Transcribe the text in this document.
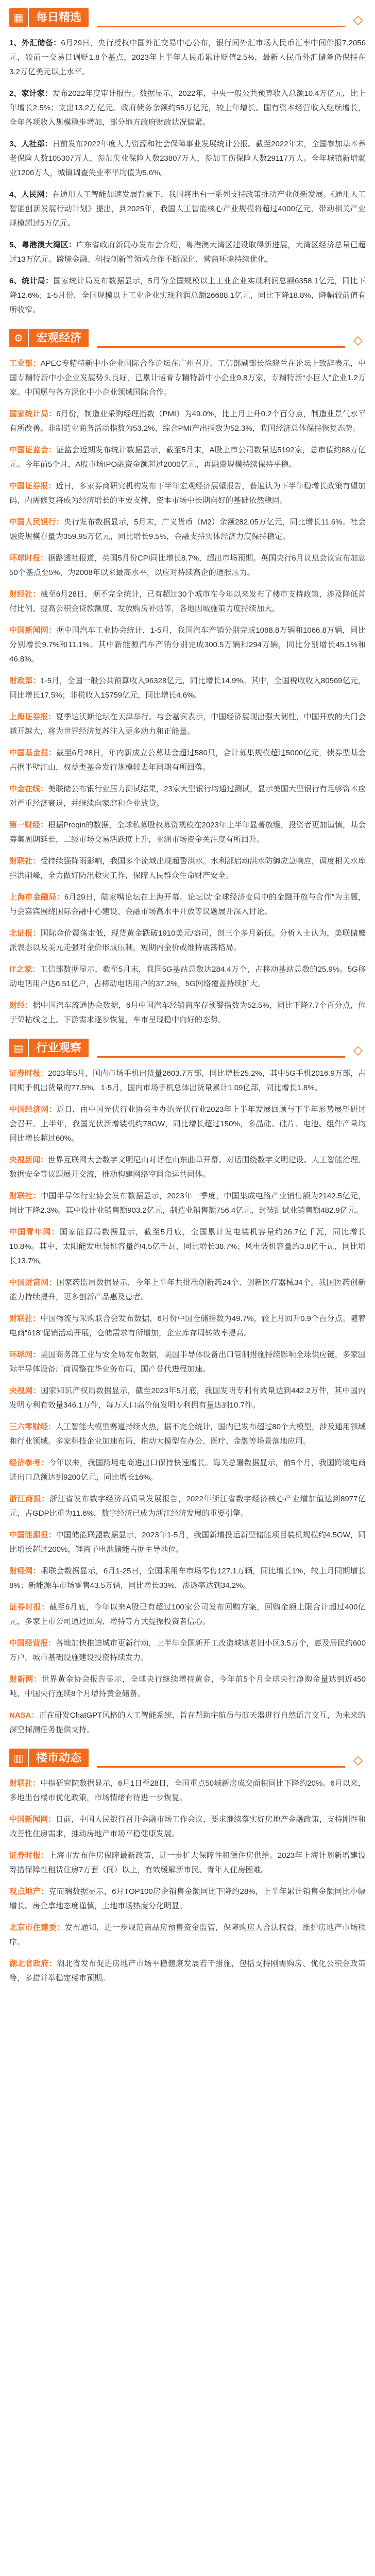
▦	每日精选	◇

1、外汇储备：6月29日，央行授权中国外汇交易中心公布，银行间外汇市场人民币汇率中间价报7.2056元，较前一交易日调贬1.8个基点，2023年上半年人民币累计贬值2.5%，最新人民币外汇储备仍保持在3.2万亿美元以上水平。

2、家计家：发布2022年度审计报告。数据显示，2022年，中央一般公共预算收入总额10.4万亿元，比上年增长2.5%；支出13.2万亿元。政府债务余额约55万亿元，较上年增长。国有资本经营收入继续增长，全年各项收入规模稳步增加，部分地方政府财政状况偏紧。

3、人社部：日前发布2022年度人力资源和社会保障事业发展统计公报。截至2022年末，全国参加基本养老保险人数105307万人，参加失业保险人数23807万人，参加工伤保险人数29117万人。全年城镇新增就业1206万人，城镇调查失业率平均值为5.6%。

4、人民网：在通用人工智能加速发展背景下，我国将出台一系列支持政策推动产业创新发展。《通用人工智能创新发展行动计划》提出，到2025年，我国人工智能核心产业规模将超过4000亿元，带动相关产业规模超过5万亿元。

5、粤港澳大湾区：广东省政府新闻办发布会介绍，粤港澳大湾区建设取得新进展，大湾区经济总量已超过13万亿元。跨境金融、科技创新等领域合作不断深化，营商环境持续优化。

6、统计局：国家统计局发布数据显示，5月份全国规模以上工业企业实现利润总额6358.1亿元，同比下降12.6%；1-5月份，全国规模以上工业企业实现利润总额26688.1亿元，同比下降18.8%，降幅较前值有所收窄。

⚙	宏观经济	◇

工业部：APEC专精特新中小企业国际合作论坛在广州召开。工信部副部长徐晓兰在论坛上致辞表示，中国专精特新中小企业发展势头良好，已累计培育专精特新中小企业9.8万家，专精特新“小巨人”企业1.2万家。中国愿与各方深化中小企业领域国际合作。

国家统计局：6月份，制造业采购经理指数（PMI）为49.0%，比上月上升0.2个百分点，制造业景气水平有所改善。非制造业商务活动指数为53.2%，综合PMI产出指数为52.3%，我国经济总体保持恢复态势。

中国证监会：证监会近期发布统计数据显示，截至5月末，A股上市公司数量达5192家，总市值约88万亿元。今年前5个月，A股市场IPO融资金额超过2000亿元，再融资规模持续保持平稳。

中国证券报：近日，多家券商研究机构发布下半年宏观经济展望报告，普遍认为下半年稳增长政策有望加码，内需修复将成为经济增长的主要支撑，资本市场中长期向好的基础依然稳固。

中国人民银行：央行发布数据显示，5月末，广义货币（M2）余额282.05万亿元，同比增长11.6%。社会融资规模存量为359.95万亿元，同比增长9.5%，金融支持实体经济力度保持稳定。

环球时报：据路透社报道，英国5月份CPI同比增长8.7%，超出市场预期。英国央行6月议息会议宣布加息50个基点至5%，为2008年以来最高水平，以应对持续高企的通胀压力。

财经社：截至6月28日，据不完全统计，已有超过30个城市在今年以来发布了楼市支持政策，涉及降低首付比例、提高公积金贷款额度、发放购房补贴等，各地因城施策力度持续加大。

中国新闻网：据中国汽车工业协会统计，1-5月，我国汽车产销分别完成1068.8万辆和1066.8万辆，同比分别增长9.7%和11.1%。其中新能源汽车产销分别完成300.5万辆和294万辆，同比分别增长45.1%和46.8%。

财政部：1-5月，全国一般公共预算收入96328亿元，同比增长14.9%。其中，全国税收收入80569亿元，同比增长17.5%；非税收入15759亿元，同比增长4.6%。

上海证券报：夏季达沃斯论坛在天津举行。与会嘉宾表示，中国经济展现出强大韧性，中国开放的大门会越开越大，将为世界经济复苏注入更多动力和正能量。

中国基金报：截至6月28日，年内新成立公募基金超过580只，合计募集规模超过5000亿元，债券型基金占据半壁江山，权益类基金发行规模较去年同期有所回落。

中金在线：美联储公布银行业压力测试结果，23家大型银行均通过测试，显示美国大型银行有足够资本应对严重经济衰退，并继续向家庭和企业放贷。

第一财经：根据Preqin的数据，全球私募股权募资规模在2023年上半年显著放缓，投资者更加谨慎，基金募集周期延长，二级市场交易活跃度上升，亚洲市场资金关注度有所回升。

财联社：受持续强降雨影响，我国多个流域出现超警洪水。水利部启动洪水防御应急响应，调度相关水库拦洪削峰，全力做好防汛救灾工作，保障人民群众生命财产安全。

上海市金融局：6月29日，陆家嘴论坛在上海开幕。论坛以“全球经济变局中的金融开放与合作”为主题，与会嘉宾围绕国际金融中心建设、金融市场高水平开放等议题展开深入讨论。

北证报：国际金价震荡走低，现货黄金跌破1910美元/盎司，创三个多月新低。分析人士认为，美联储鹰派表态以及美元走强对金价形成压制，短期内金价或维持震荡格局。

IT之家：工信部数据显示，截至5月末，我国5G基站总数达284.4万个，占移动基站总数的25.9%。5G移动电话用户达6.51亿户，占移动电话用户的37.2%，5G网络覆盖持续扩大。

财经：据中国汽车流通协会数据，6月中国汽车经销商库存预警指数为52.5%，同比下降7.7个百分点，位于荣枯线之上。下游需求逐步恢复，车市呈现稳中向好的态势。

▤	行业观察	◇

证券时报：2023年5月，国内市场手机出货量2603.7万部，同比增长25.2%，其中5G手机2016.9万部，占同期手机出货量的77.5%。1-5月，国内市场手机总体出货量累计1.09亿部，同比增长1.8%。

中国经济网：近日，由中国光伏行业协会主办的光伏行业2023年上半年发展回顾与下半年形势展望研讨会召开。上半年，我国光伏新增装机约78GW，同比增长超过150%，多晶硅、硅片、电池、组件产量均同比增长超过60%。

央视新闻：世界互联网大会数字文明尼山对话在山东曲阜开幕。对话围绕数字文明建设、人工智能治理、数据安全等议题展开交流，推动构建网络空间命运共同体。

财联社：中国半导体行业协会发布数据显示，2023年一季度，中国集成电路产业销售额为2142.5亿元，同比下降2.3%。其中设计业销售额903.2亿元，制造业销售额756.4亿元，封装测试业销售额482.9亿元。

中国青年网：国家能源局数据显示，截至5月底，全国累计发电装机容量约26.7亿千瓦，同比增长10.8%。其中，太阳能发电装机容量约4.5亿千瓦，同比增长38.7%；风电装机容量约3.8亿千瓦，同比增长13.7%。

中国财富网：国家药监局数据显示，今年上半年共批准创新药24个、创新医疗器械34个。我国医药创新能力持续提升，更多创新产品惠及患者。

财联社：中国物流与采购联合会发布数据，6月份中国仓储指数为49.7%，较上月回升0.9个百分点。随着电商“618”促销活动开展，仓储需求有所增加，企业库存周转效率提高。

环球网：美国商务部工业与安全局发布数据，美国半导体设备出口管制措施持续影响全球供应链，多家国际半导体设备厂商调整在华业务布局，国产替代进程加速。

央视网：国家知识产权局数据显示，截至2023年5月底，我国发明专利有效量达到442.2万件，其中国内发明专利有效量346.1万件，每万人口高价值发明专利拥有量达到10.7件。

三六零财经：人工智能大模型赛道持续火热，据不完全统计，国内已发布超过80个大模型，涉及通用领域和行业领域。多家科技企业加速布局，推动大模型在办公、医疗、金融等场景落地应用。

经济参考：今年以来，我国跨境电商进出口保持快速增长。海关总署数据显示，前5个月，我国跨境电商进出口总额达到9200亿元，同比增长16%。

浙江商报：浙江省发布数字经济高质量发展报告，2022年浙江省数字经济核心产业增加值达到8977亿元，占GDP比重为11.6%，数字经济已成为浙江经济发展的重要引擎。

中国能源报：中国储能联盟数据显示，2023年1-5月，我国新增投运新型储能项目装机规模约4.5GW，同比增长超过200%，锂离子电池储能占据主导地位。

财经网：乘联会数据显示，6月1-25日，全国乘用车市场零售127.1万辆，同比增长1%，较上月同期增长8%；新能源车市场零售43.5万辆，同比增长33%，渗透率达到34.2%。

证券时报：截至6月底，今年以来A股已有超过100家公司发布回购方案，回购金额上限合计超过400亿元，多家上市公司通过回购、增持等方式提振投资者信心。

中国经营报：各地加快推进城市更新行动，上半年全国新开工改造城镇老旧小区3.5万个，惠及居民约600万户，城市基础设施建设投资持续发力。

财新网：世界黄金协会报告显示，全球央行继续增持黄金，今年前5个月全球央行净购金量达到近450吨，中国央行连续8个月增持黄金储备。

NASA：正在研发ChatGPT风格的人工智能系统，旨在帮助宇航员与航天器进行自然语言交互，为未来的深空探测任务提供支持。

▥	楼市动态	◇

财联社：中指研究院数据显示，6月1日至28日，全国重点50城新房成交面积同比下降约20%。6月以来，多地出台楼市优化政策，市场情绪有待进一步恢复。

中国新闻网：日前，中国人民银行召开金融市场工作会议，要求继续落实好房地产金融政策，支持刚性和改善性住房需求，推动房地产市场平稳健康发展。

证券时报：上海市发布住房保障最新政策，进一步扩大保障性租赁住房供给。2023年上海计划新增建设筹措保障性租赁住房7万套（间）以上，有效缓解新市民、青年人住房困难。

观点地产：克而瑞数据显示，6月TOP100房企销售金额同比下降约28%，上半年累计销售金额同比小幅增长。房企拿地态度谨慎，土地市场热度分化明显。

北京市住建委：发布通知，进一步规范商品房预售资金监管，保障购房人合法权益，维护房地产市场秩序。

湖北省政府：湖北省发布促进房地产市场平稳健康发展若干措施，包括支持刚需购房、优化公积金政策等，多措并举稳定楼市预期。
